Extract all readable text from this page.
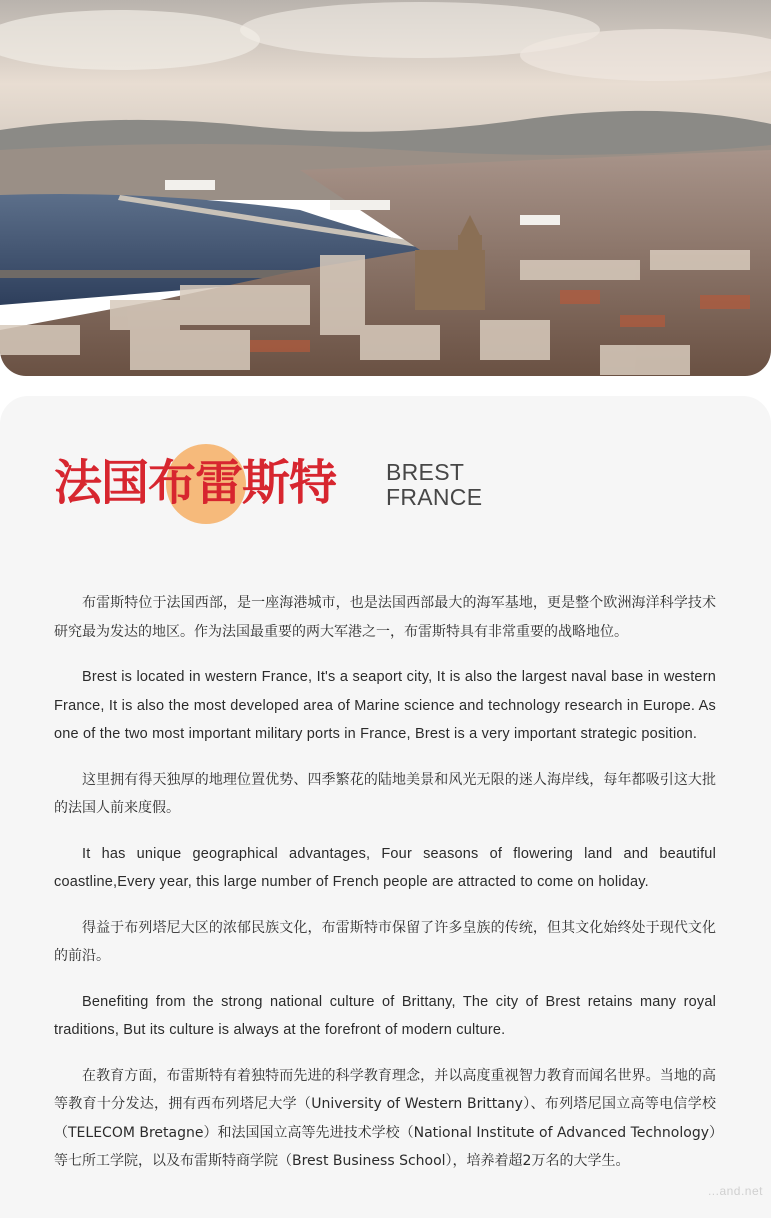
法国布雷斯特 BREST
FRANCE

布雷斯特位于法国西部，是一座海港城市，也是法国西部最大的海军基地，更是整个欧洲海洋科学技术研究最为发达的地区。作为法国最重要的两大军港之一，布雷斯特具有非常重要的战略地位。

Brest is located in western France, It's a seaport city, It is also the largest naval base in western France, It is also the most developed area of Marine science and technology research in Europe. As one of the two most important military ports in France, Brest is a very important strategic position.

这里拥有得天独厚的地理位置优势、四季繁花的陆地美景和风光无限的迷人海岸线，每年都吸引这大批的法国人前来度假。

It has unique geographical advantages, Four seasons of flowering land and beautiful coastline,Every year, this large number of French people are attracted to come on holiday.

得益于布列塔尼大区的浓郁民族文化，布雷斯特市保留了许多皇族的传统，但其文化始终处于现代文化的前沿。

Benefiting from the strong national culture of Brittany, The city of Brest retains many royal traditions, But its culture is always at the forefront of modern culture.

在教育方面，布雷斯特有着独特而先进的科学教育理念，并以高度重视智力教育而闻名世界。当地的高等教育十分发达，拥有西布列塔尼大学（University of Western Brittany）、布列塔尼国立高等电信学校（TELECOM Bretagne）和法国国立高等先进技术学校（National Institute of Advanced Technology）等七所工学院，以及布雷斯特商学院（Brest Business School），培养着超2万名的大学生。

...and.net
